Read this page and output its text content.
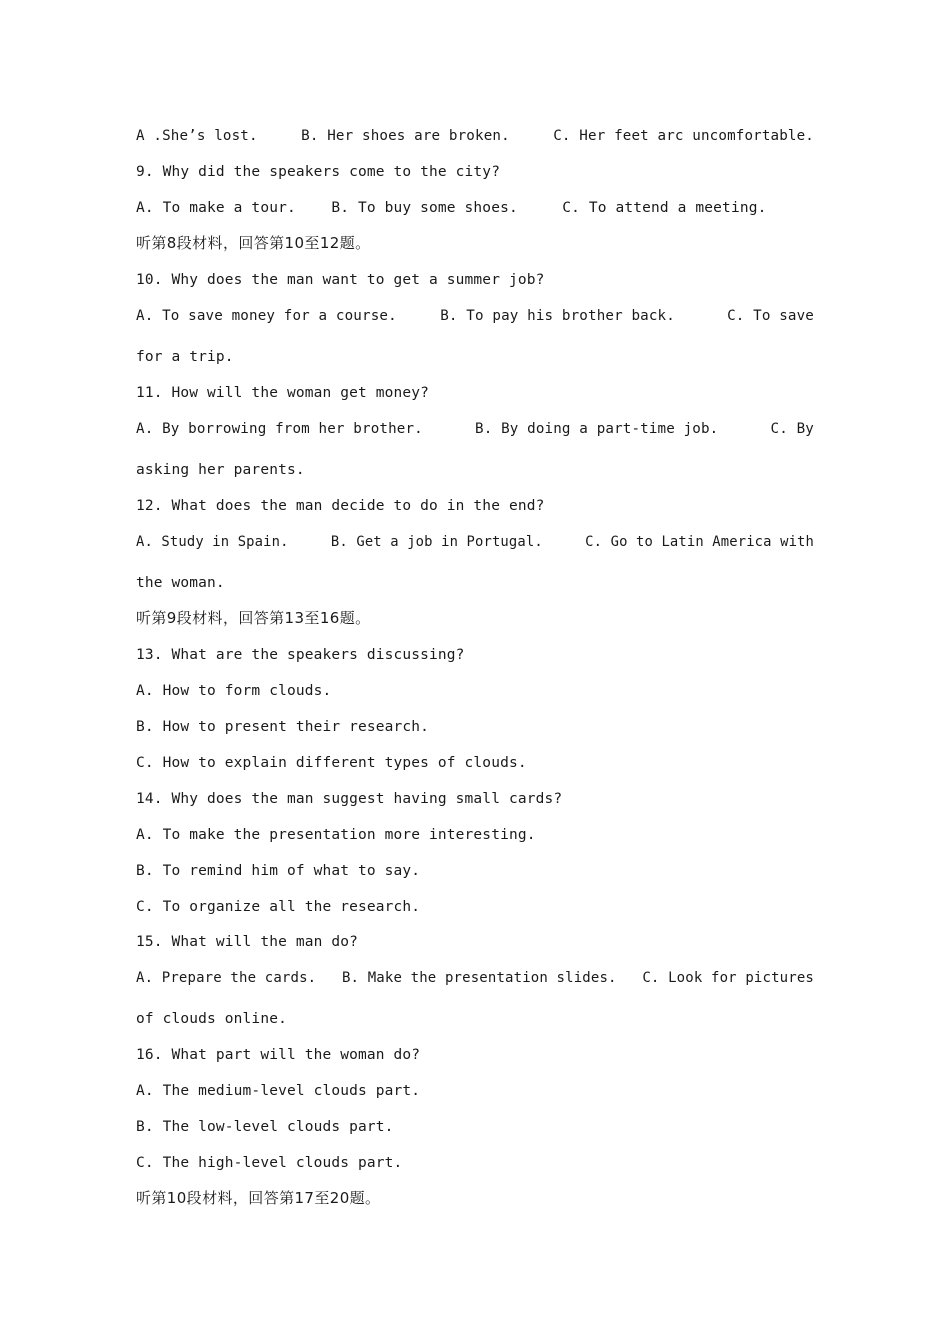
A .She’s lost.     B. Her shoes are broken.     C. Her feet arc uncomfortable.
9. Why did the speakers come to the city?
A. To make a tour.    B. To buy some shoes.     C. To attend a meeting.
听第8段材料，回答第10至12题。
10. Why does the man want to get a summer job?
A. To save money for a course.     B. To pay his brother back.      C. To save
for a trip.
11. How will the woman get money?
A. By borrowing from her brother.      B. By doing a part-time job.      C. By
asking her parents.
12. What does the man decide to do in the end?
A. Study in Spain.     B. Get a job in Portugal.     C. Go to Latin America with
the woman.
听第9段材料，回答第13至16题。
13. What are the speakers discussing?
A. How to form clouds.
B. How to present their research.
C. How to explain different types of clouds.
14. Why does the man suggest having small cards?
A. To make the presentation more interesting.
B. To remind him of what to say.
C. To organize all the research.
15. What will the man do?
A. Prepare the cards.   B. Make the presentation slides.   C. Look for pictures
of clouds online.
16. What part will the woman do?
A. The medium-level clouds part.
B. The low-level clouds part.
C. The high-level clouds part.
听第10段材料，回答第17至20题。
